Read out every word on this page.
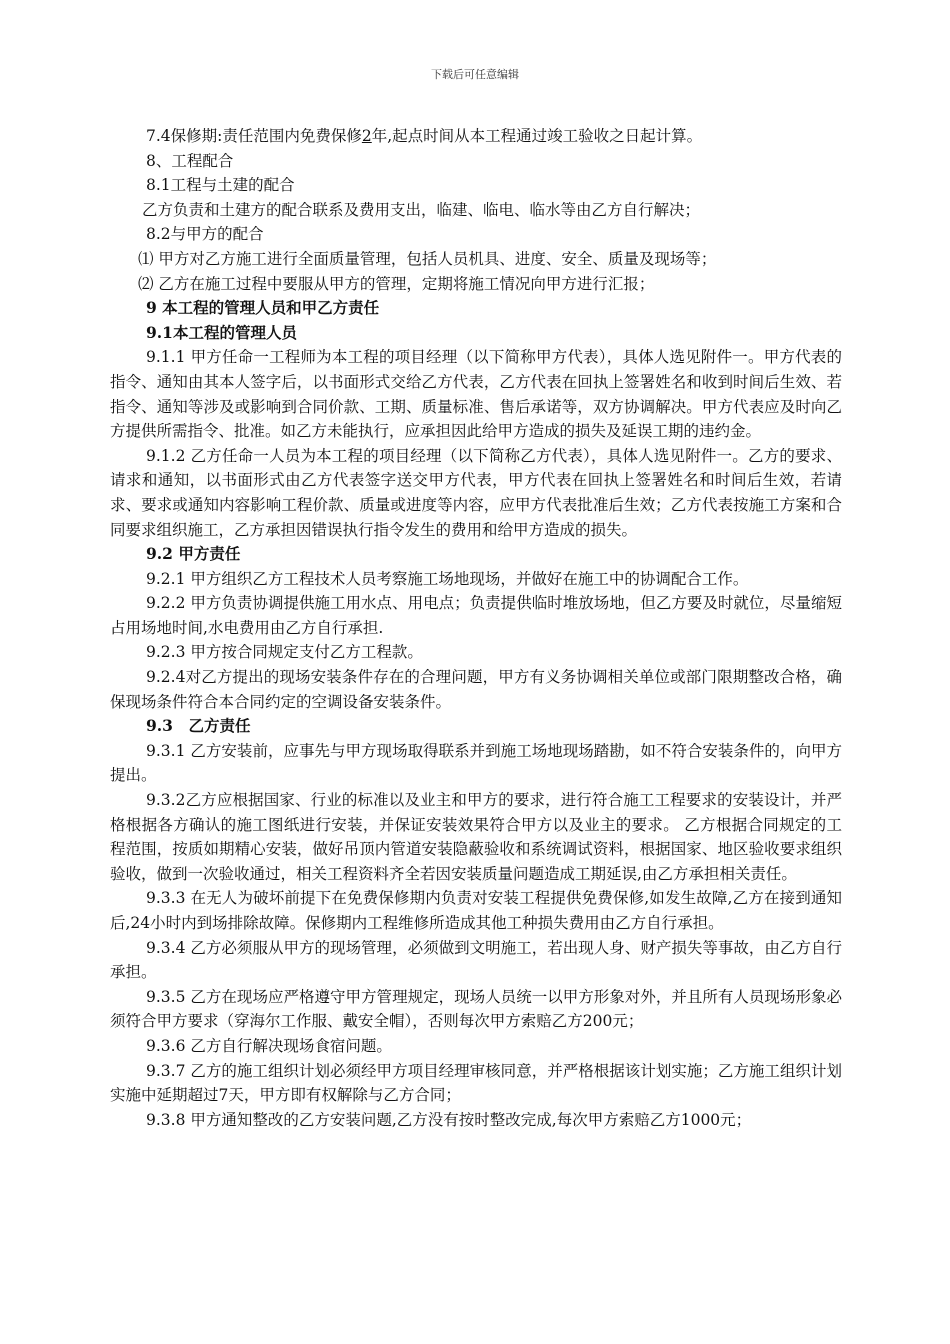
下载后可任意编辑

7.4保修期:责任范围内免费保修2年,起点时间从本工程通过竣工验收之日起计算。

8、工程配合

8.1工程与土建的配合

乙方负责和土建方的配合联系及费用支出，临建、临电、临水等由乙方自行解决；

8.2与甲方的配合

⑴ 甲方对乙方施工进行全面质量管理，包括人员机具、进度、安全、质量及现场等；

⑵ 乙方在施工过程中要服从甲方的管理，定期将施工情况向甲方进行汇报；

9 本工程的管理人员和甲乙方责任

9.1本工程的管理人员

9.1.1 甲方任命一工程师为本工程的项目经理（以下简称甲方代表），具体人选见附件一。甲方代表的指令、通知由其本人签字后，以书面形式交给乙方代表，乙方代表在回执上签署姓名和收到时间后生效、若指令、通知等涉及或影响到合同价款、工期、质量标准、售后承诺等，双方协调解决。甲方代表应及时向乙方提供所需指令、批准。如乙方未能执行，应承担因此给甲方造成的损失及延误工期的违约金。

9.1.2 乙方任命一人员为本工程的项目经理（以下简称乙方代表），具体人选见附件一。乙方的要求、请求和通知，以书面形式由乙方代表签字送交甲方代表，甲方代表在回执上签署姓名和时间后生效，若请求、要求或通知内容影响工程价款、质量或进度等内容，应甲方代表批准后生效；乙方代表按施工方案和合同要求组织施工，乙方承担因错误执行指令发生的费用和给甲方造成的损失。

9.2 甲方责任

9.2.1 甲方组织乙方工程技术人员考察施工场地现场，并做好在施工中的协调配合工作。

9.2.2 甲方负责协调提供施工用水点、用电点；负责提供临时堆放场地，但乙方要及时就位，尽量缩短占用场地时间,水电费用由乙方自行承担.

9.2.3 甲方按合同规定支付乙方工程款。

9.2.4对乙方提出的现场安装条件存在的合理问题，甲方有义务协调相关单位或部门限期整改合格，确保现场条件符合本合同约定的空调设备安装条件。

9.3　乙方责任

9.3.1 乙方安装前，应事先与甲方现场取得联系并到施工场地现场踏勘，如不符合安装条件的，向甲方提出。

9.3.2乙方应根据国家、行业的标准以及业主和甲方的要求，进行符合施工工程要求的安装设计，并严格根据各方确认的施工图纸进行安装，并保证安装效果符合甲方以及业主的要求。 乙方根据合同规定的工程范围，按质如期精心安装，做好吊顶内管道安装隐蔽验收和系统调试资料，根据国家、地区验收要求组织验收，做到一次验收通过，相关工程资料齐全若因安装质量问题造成工期延误,由乙方承担相关责任。

9.3.3 在无人为破坏前提下在免费保修期内负责对安装工程提供免费保修,如发生故障,乙方在接到通知后,24小时内到场排除故障。保修期内工程维修所造成其他工种损失费用由乙方自行承担。

9.3.4 乙方必须服从甲方的现场管理，必须做到文明施工，若出现人身、财产损失等事故，由乙方自行承担。

9.3.5 乙方在现场应严格遵守甲方管理规定，现场人员统一以甲方形象对外，并且所有人员现场形象必须符合甲方要求（穿海尔工作服、戴安全帽），否则每次甲方索赔乙方200元；

9.3.6 乙方自行解决现场食宿问题。

9.3.7 乙方的施工组织计划必须经甲方项目经理审核同意，并严格根据该计划实施；乙方施工组织计划实施中延期超过7天，甲方即有权解除与乙方合同；

9.3.8 甲方通知整改的乙方安装问题,乙方没有按时整改完成,每次甲方索赔乙方1000元；
